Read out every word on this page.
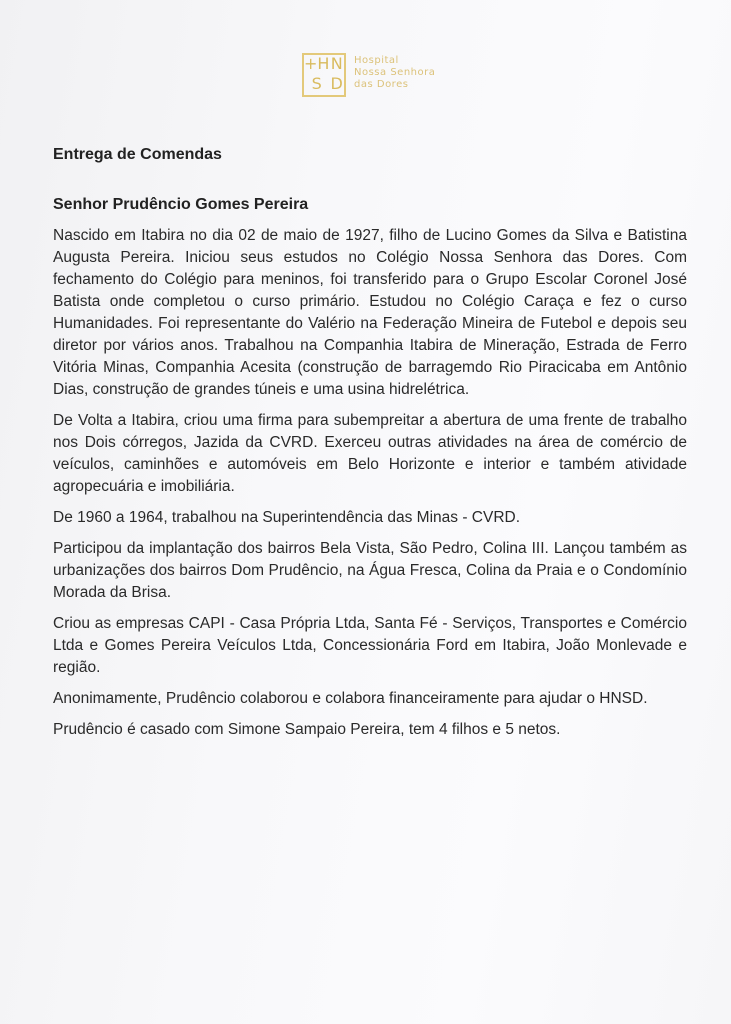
+H N
S D
Hospital
Nossa Senhora
das Dores
Entrega de Comendas
Senhor Prudêncio Gomes Pereira

Nascido em Itabira no dia 02 de maio de 1927, filho de Lucino Gomes da Silva e Batistina Augusta Pereira. Iniciou seus estudos no Colégio Nossa Senhora das Dores. Com fechamento do Colégio para meninos, foi transferido para o Grupo Escolar Coronel José Batista onde completou o curso primário. Estudou no Colégio Caraça e fez o curso Humanidades. Foi representante do Valério na Federação Mineira de Futebol e depois seu diretor por vários anos. Trabalhou na Companhia Itabira de Mineração, Estrada de Ferro Vitória Minas, Companhia Acesita (construção de barragemdo Rio Piracicaba em Antônio Dias, construção de grandes túneis e uma usina hidrelétrica.

De Volta a Itabira, criou uma firma para subempreitar a abertura de uma frente de trabalho nos Dois córregos, Jazida da CVRD. Exerceu outras atividades na área de comércio de veículos, caminhões e automóveis em Belo Horizonte e interior e também atividade agropecuária e imobiliária.

De 1960 a 1964, trabalhou na Superintendência das Minas - CVRD.

Participou da implantação dos bairros Bela Vista, São Pedro, Colina III. Lançou também as urbanizações dos bairros Dom Prudêncio, na Água Fresca, Colina da Praia e o Condomínio Morada da Brisa.

Criou as empresas CAPI - Casa Própria Ltda, Santa Fé - Serviços, Transportes e Comércio Ltda e Gomes Pereira Veículos Ltda, Concessionária Ford em Itabira, João Monlevade e região.

Anonimamente, Prudêncio colaborou e colabora financeiramente para ajudar o HNSD.

Prudêncio é casado com Simone Sampaio Pereira, tem 4 filhos e 5 netos.
